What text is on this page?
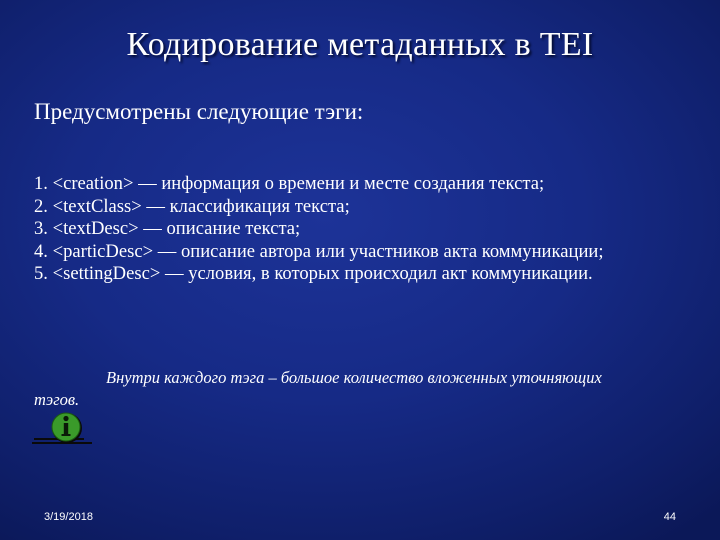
Кодирование метаданных в TEI
Предусмотрены следующие тэги:
1. <creation> — информация о времени и месте создания текста;
2. <textClass> — классификация текста;
3. <textDesc> — описание текста;
4. <particDesc> — описание автора или участников акта коммуникации;
5. <settingDesc> — условия, в которых происходил акт коммуникации.
Внутри каждого тэга – большое количество вложенных уточняющих
тэгов.
3/19/2018	44
